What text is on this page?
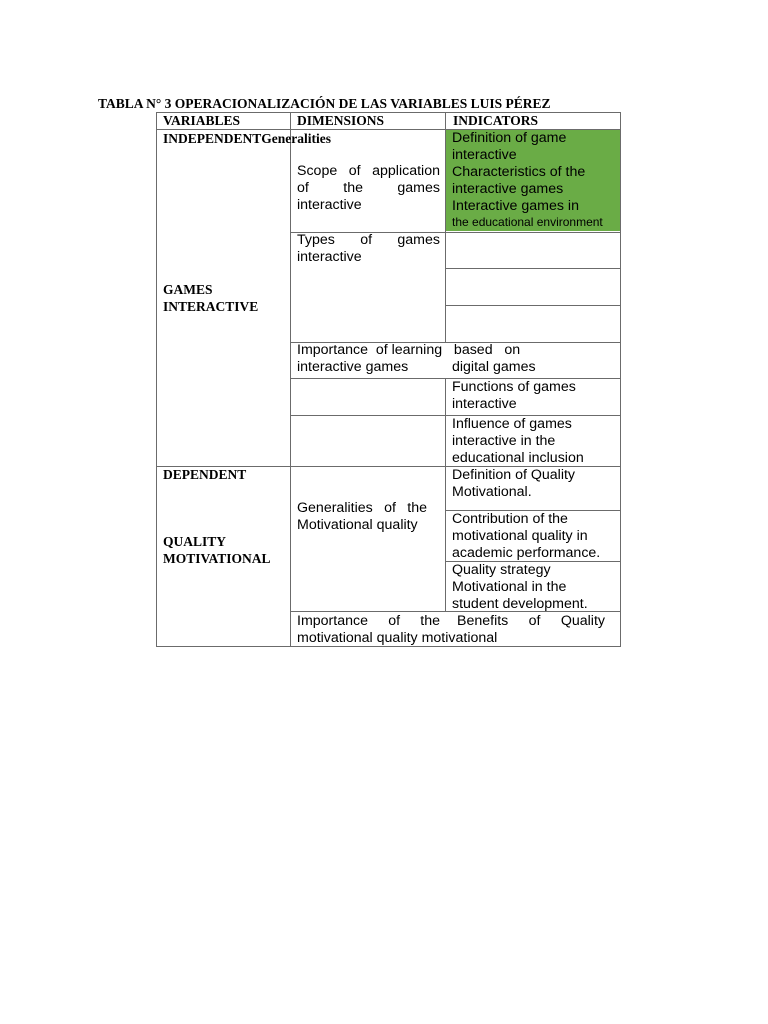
TABLA N° 3 OPERACIONALIZACIÓN DE LAS VARIABLES LUIS PÉREZ
VARIABLES	DIMENSIONS	INDICATORS
INDEPENDENTGeneralities
GAMES
INTERACTIVE
DEPENDENT
QUALITY
MOTIVATIONAL
Scope of application
of the games
interactive
Types of games
interactive
Importance  of learning   based   on
interactive games
Generalities of the
Motivational quality
Importance of the
motivational quality motivational
Definition of game
interactive
Characteristics of the
interactive games
Interactive games in
the educational environment
digital games
Functions of games
interactive
Influence of games
interactive in the
educational inclusion
Definition of Quality
Motivational.
Contribution of the
motivational quality in
academic performance.
Quality strategy
Motivational in the
student development.
Benefits of Quality
